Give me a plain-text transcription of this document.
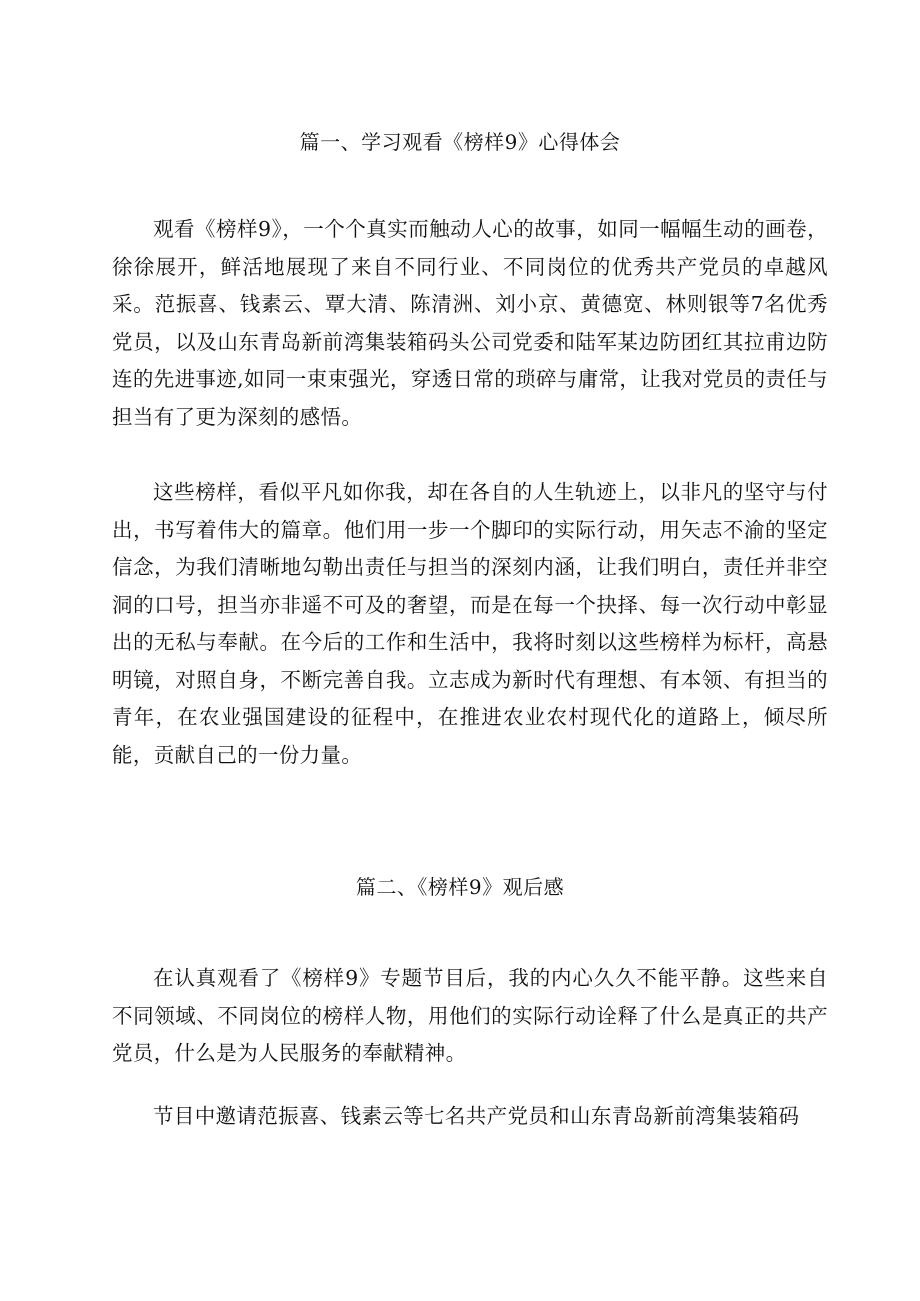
篇一、学习观看《榜样9》心得体会

观看《榜样9》，一个个真实而触动人心的故事，如同一幅幅生动的画卷，徐徐展开，鲜活地展现了来自不同行业、不同岗位的优秀共产党员的卓越风采。范振喜、钱素云、覃大清、陈清洲、刘小京、黄德宽、林则银等7名优秀党员，以及山东青岛新前湾集装箱码头公司党委和陆军某边防团红其拉甫边防连的先进事迹,如同一束束强光，穿透日常的琐碎与庸常，让我对党员的责任与担当有了更为深刻的感悟。

这些榜样，看似平凡如你我，却在各自的人生轨迹上，以非凡的坚守与付出，书写着伟大的篇章。他们用一步一个脚印的实际行动，用矢志不渝的坚定信念，为我们清晰地勾勒出责任与担当的深刻内涵，让我们明白，责任并非空洞的口号，担当亦非遥不可及的奢望，而是在每一个抉择、每一次行动中彰显出的无私与奉献。在今后的工作和生活中，我将时刻以这些榜样为标杆，高悬明镜，对照自身，不断完善自我。立志成为新时代有理想、有本领、有担当的青年，在农业强国建设的征程中，在推进农业农村现代化的道路上，倾尽所能，贡献自己的一份力量。

篇二、《榜样9》观后感

在认真观看了《榜样9》专题节目后，我的内心久久不能平静。这些来自不同领域、不同岗位的榜样人物，用他们的实际行动诠释了什么是真正的共产党员，什么是为人民服务的奉献精神。

节目中邀请范振喜、钱素云等七名共产党员和山东青岛新前湾集装箱码
